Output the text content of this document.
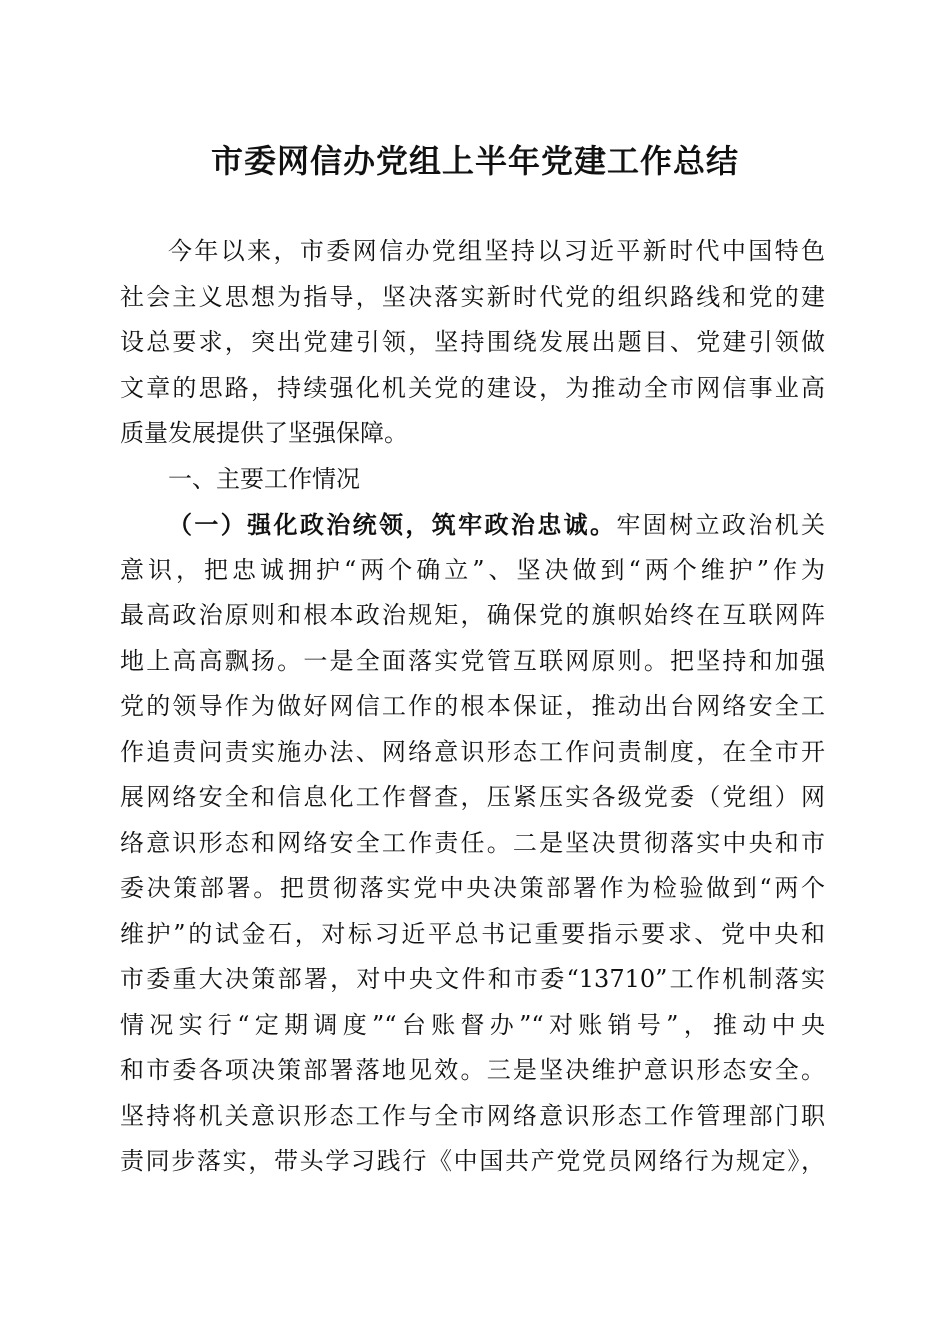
市委网信办党组上半年党建工作总结
今年以来，市委网信办党组坚持以习近平新时代中国特色
社会主义思想为指导，坚决落实新时代党的组织路线和党的建
设总要求，突出党建引领，坚持围绕发展出题目、党建引领做
文章的思路，持续强化机关党的建设，为推动全市网信事业高
质量发展提供了坚强保障。
一、主要工作情况
（一）强化政治统领，筑牢政治忠诚。牢固树立政治机关
意识，把忠诚拥护“两个确立”、坚决做到“两个维护”作为
最高政治原则和根本政治规矩，确保党的旗帜始终在互联网阵
地上高高飘扬。一是全面落实党管互联网原则。把坚持和加强
党的领导作为做好网信工作的根本保证，推动出台网络安全工
作追责问责实施办法、网络意识形态工作问责制度，在全市开
展网络安全和信息化工作督查，压紧压实各级党委（党组）网
络意识形态和网络安全工作责任。二是坚决贯彻落实中央和市
委决策部署。把贯彻落实党中央决策部署作为检验做到“两个
维护”的试金石，对标习近平总书记重要指示要求、党中央和
市委重大决策部署，对中央文件和市委“13710”工作机制落实
情况实行“定期调度”“台账督办”“对账销号”，推动中央
和市委各项决策部署落地见效。三是坚决维护意识形态安全。
坚持将机关意识形态工作与全市网络意识形态工作管理部门职
责同步落实，带头学习践行《中国共产党党员网络行为规定》，
